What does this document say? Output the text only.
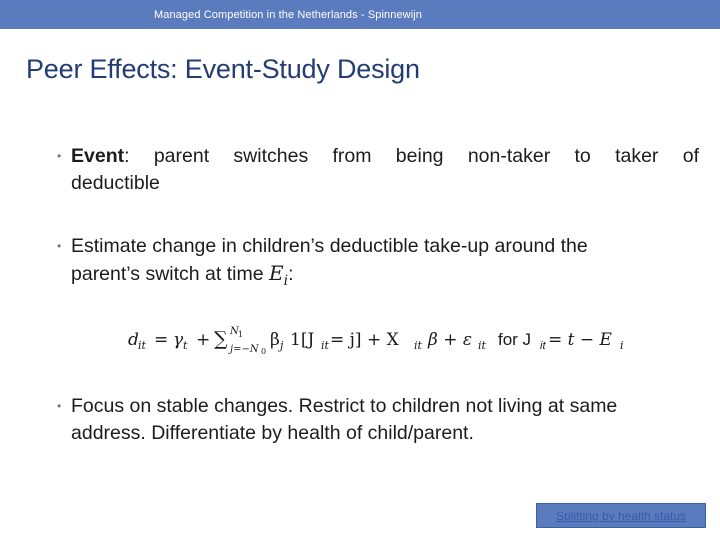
Managed Competition in the Netherlands - Spinnewijn
Peer Effects: Event-Study Design
• Event: parent switches from being non-taker to taker of
deductible
• Estimate change in children’s deductible take-up around the
parent’s switch at time $E_i$:
d it = γ t + ∑ N 1
j=−N 0
β j 1[J it = j] + X it β + ε it for J it = t − E i
• Focus on stable changes. Restrict to children not living at same
address. Differentiate by health of child/parent.
Splitting by health status
